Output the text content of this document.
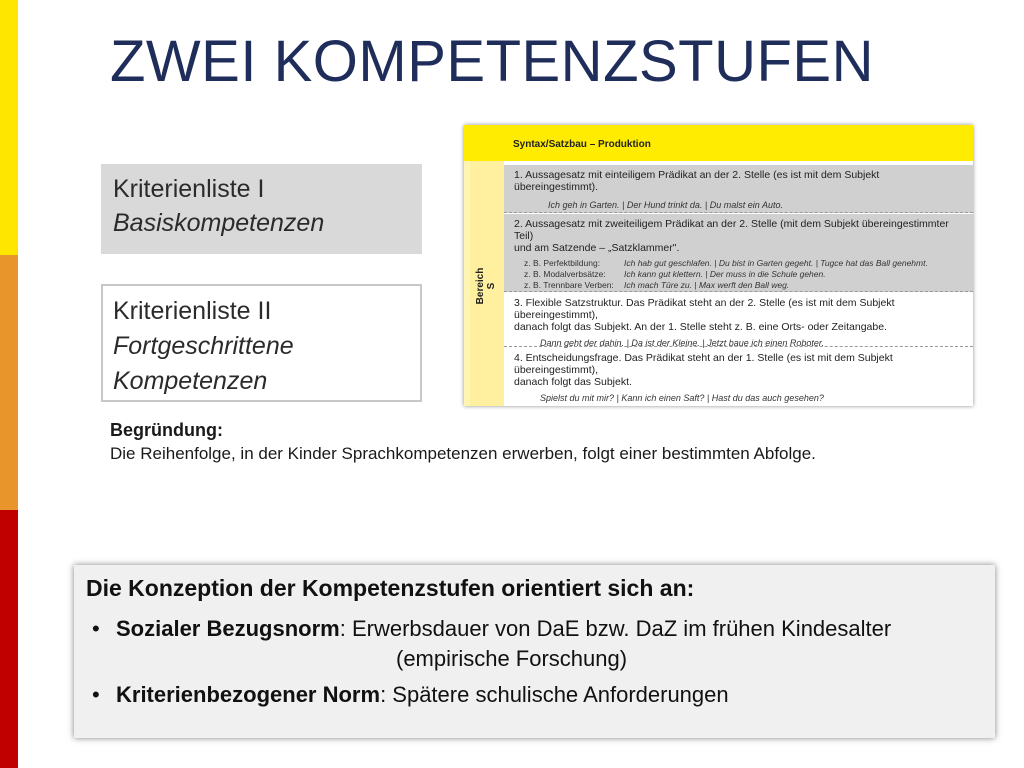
ZWEI KOMPETENZSTUFEN
Kriterienliste I
Basiskompetenzen
Kriterienliste II
Fortgeschrittene
Kompetenzen
Syntax/Satzbau – Produktion
Bereich S
1. Aussagesatz mit einteiligem Prädikat an der 2. Stelle (es ist mit dem Subjekt übereingestimmt).
Ich geh in Garten. | Der Hund trinkt da. | Du malst ein Auto.
2. Aussagesatz mit zweiteiligem Prädikat an der 2. Stelle (mit dem Subjekt übereingestimmter Teil)
und am Satzende – „Satzklammer".
z. B. Perfektbildung:	Ich hab gut geschlafen. | Du bist in Garten gegeht. | Tugce hat das Ball genehmt.
z. B. Modalverbsätze: Ich kann gut klettern. | Der muss in die Schule gehen.
z. B. Trennbare Verben: Ich mach Türe zu. | Max werft den Ball weg.
3. Flexible Satzstruktur. Das Prädikat steht an der 2. Stelle (es ist mit dem Subjekt übereingestimmt),
danach folgt das Subjekt. An der 1. Stelle steht z. B. eine Orts- oder Zeitangabe.
Dann geht der dahin. | Da ist der Kleine. | Jetzt baue ich einen Roboter.
4. Entscheidungsfrage. Das Prädikat steht an der 1. Stelle (es ist mit dem Subjekt übereingestimmt),
danach folgt das Subjekt.
Spielst du mit mir? | Kann ich einen Saft? | Hast du das auch gesehen?
Begründung:
Die Reihenfolge, in der Kinder Sprachkompetenzen erwerben, folgt einer bestimmten Abfolge.
Die Konzeption der Kompetenzstufen orientiert sich an:
• Sozialer Bezugsnorm: Erwerbsdauer von DaE bzw. DaZ im frühen Kindesalter
(empirische Forschung)
• Kriterienbezogener Norm: Spätere schulische Anforderungen
